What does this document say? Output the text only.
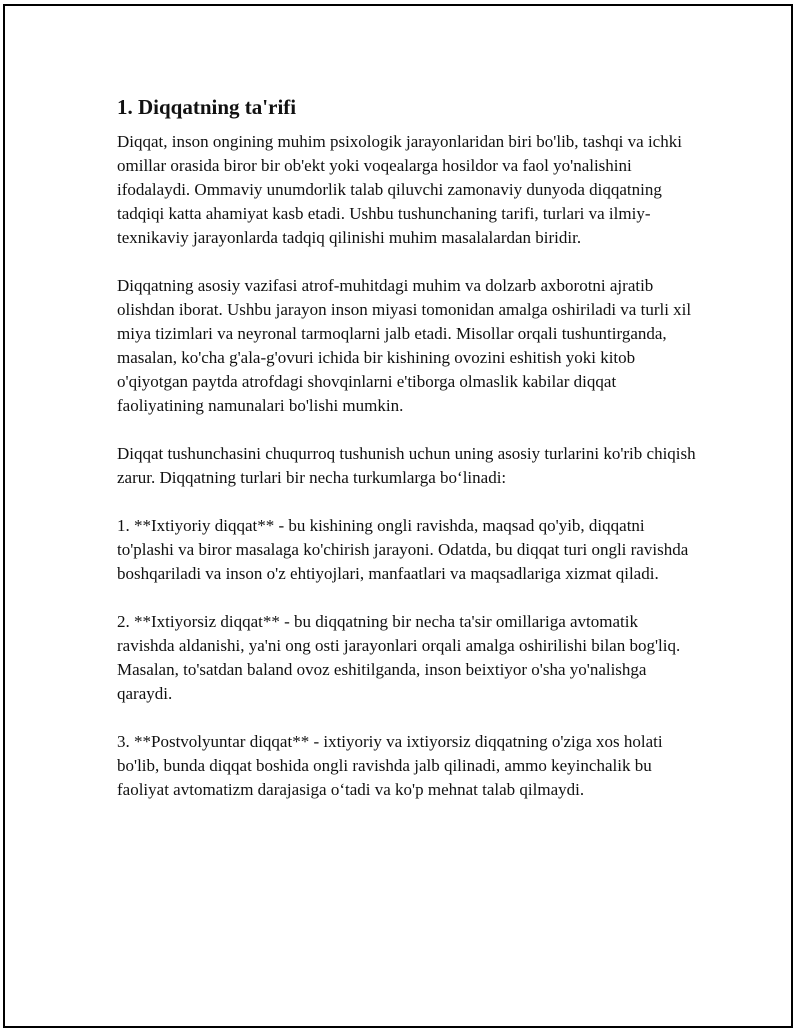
1. Diqqatning ta'rifi

Diqqat, inson ongining muhim psixologik jarayonlaridan biri bo'lib, tashqi va ichki omillar orasida biror bir ob'ekt yoki voqealarga hosildor va faol yo'nalishini ifodalaydi. Ommaviy unumdorlik talab qiluvchi zamonaviy dunyoda diqqatning tadqiqi katta ahamiyat kasb etadi. Ushbu tushunchaning tarifi, turlari va ilmiy-texnikaviy jarayonlarda tadqiq qilinishi muhim masalalardan biridir.

Diqqatning asosiy vazifasi atrof-muhitdagi muhim va dolzarb axborotni ajratib olishdan iborat. Ushbu jarayon inson miyasi tomonidan amalga oshiriladi va turli xil miya tizimlari va neyronal tarmoqlarni jalb etadi. Misollar orqali tushuntirganda, masalan, ko'cha g'ala-g'ovuri ichida bir kishining ovozini eshitish yoki kitob o'qiyotgan paytda atrofdagi shovqinlarni e'tiborga olmaslik kabilar diqqat faoliyatining namunalari bo'lishi mumkin.

Diqqat tushunchasini chuqurroq tushunish uchun uning asosiy turlarini ko'rib chiqish zarur. Diqqatning turlari bir necha turkumlarga bo‘linadi:

1. **Ixtiyoriy diqqat** - bu kishining ongli ravishda, maqsad qo'yib, diqqatni to'plashi va biror masalaga ko'chirish jarayoni. Odatda, bu diqqat turi ongli ravishda boshqariladi va inson o'z ehtiyojlari, manfaatlari va maqsadlariga xizmat qiladi.

2. **Ixtiyorsiz diqqat** - bu diqqatning bir necha ta'sir omillariga avtomatik ravishda aldanishi, ya'ni ong osti jarayonlari orqali amalga oshirilishi bilan bog'liq. Masalan, to'satdan baland ovoz eshitilganda, inson beixtiyor o'sha yo'nalishga qaraydi.

3. **Postvolyuntar diqqat** - ixtiyoriy va ixtiyorsiz diqqatning o'ziga xos holati bo'lib, bunda diqqat boshida ongli ravishda jalb qilinadi, ammo keyinchalik bu faoliyat avtomatizm darajasiga o‘tadi va ko'p mehnat talab qilmaydi.
